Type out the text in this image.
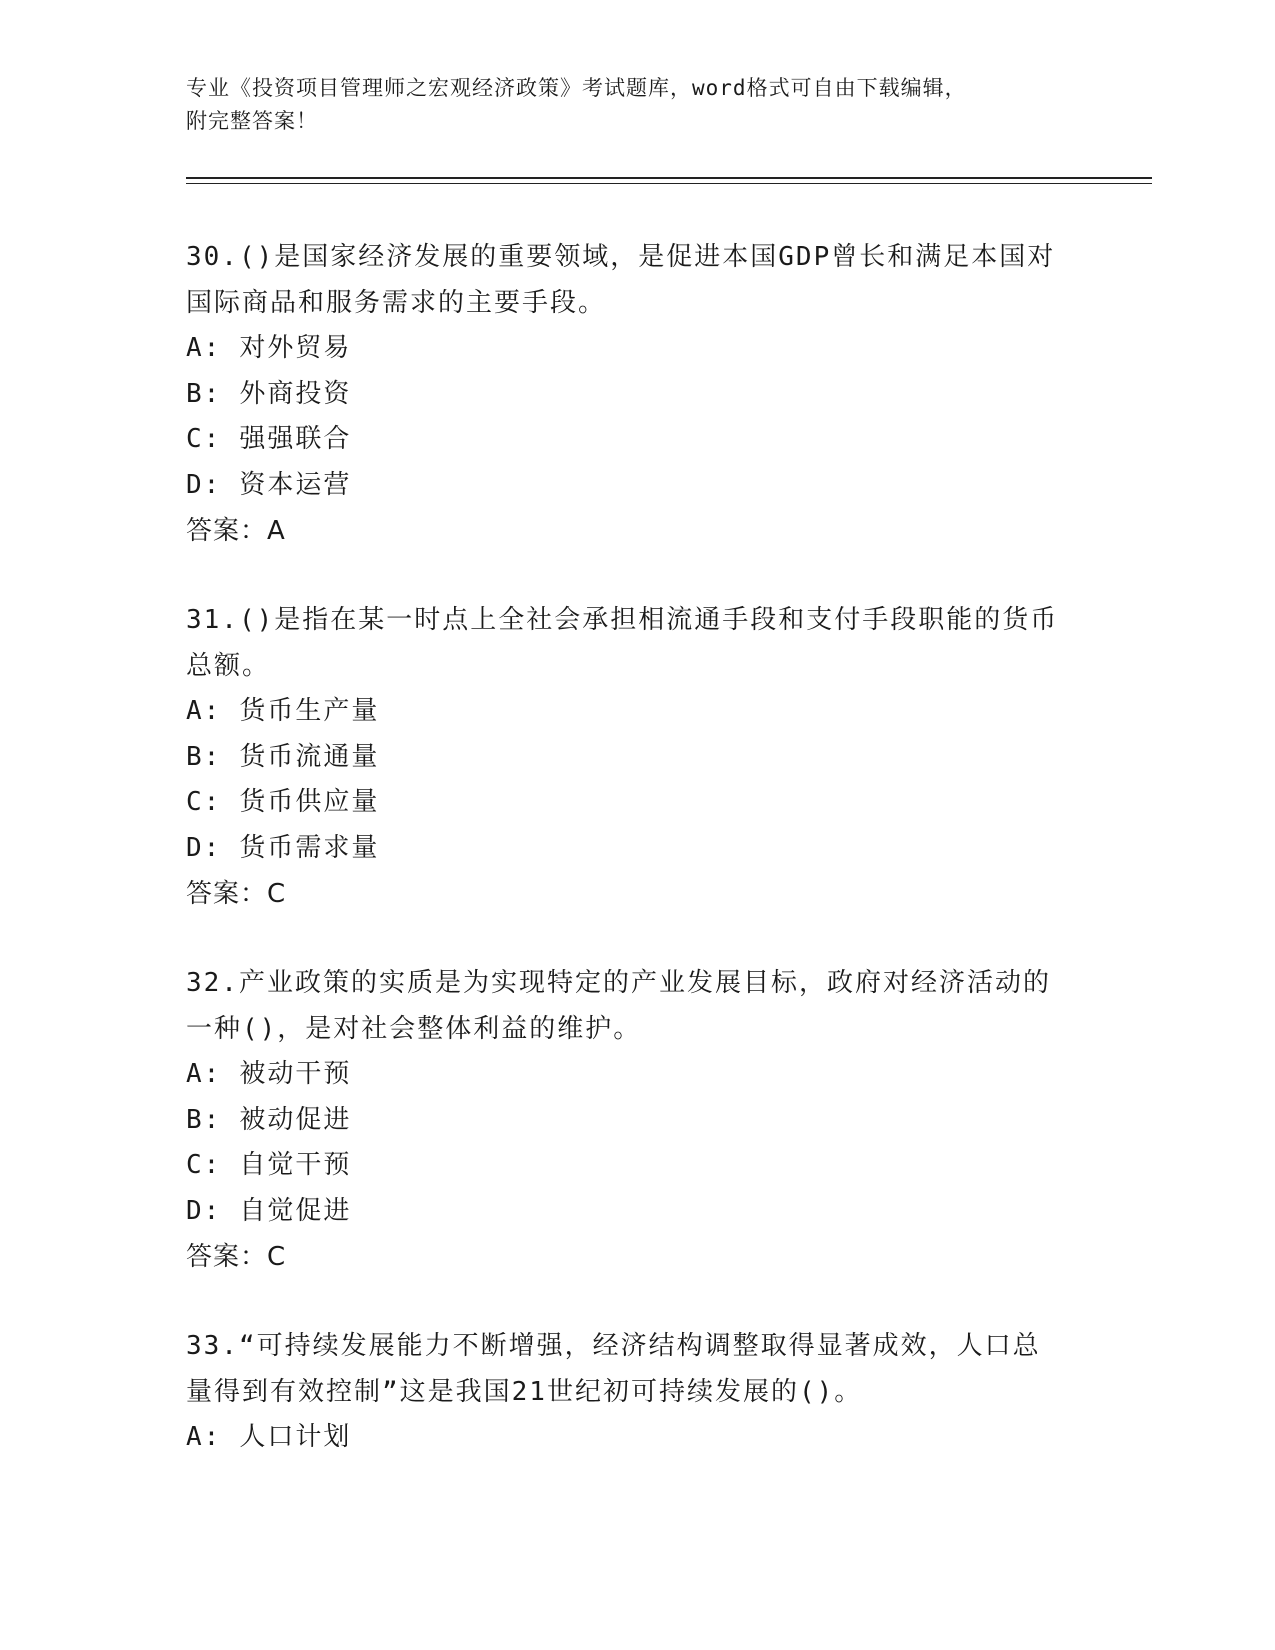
专业《投资项目管理师之宏观经济政策》考试题库，word格式可自由下载编辑，
附完整答案！

30.()是国家经济发展的重要领域，是促进本国GDP曾长和满足本国对

国际商品和服务需求的主要手段。

A: 对外贸易

B: 外商投资

C: 强强联合

D: 资本运营

答案：A

31.()是指在某一时点上全社会承担相流通手段和支付手段职能的货币

总额。

A: 货币生产量

B: 货币流通量

C: 货币供应量

D: 货币需求量

答案：C

32.产业政策的实质是为实现特定的产业发展目标，政府对经济活动的

一种()，是对社会整体利益的维护。

A: 被动干预

B: 被动促进

C: 自觉干预

D: 自觉促进

答案：C

33.“可持续发展能力不断增强，经济结构调整取得显著成效，人口总

量得到有效控制”这是我国21世纪初可持续发展的()。

A: 人口计划
